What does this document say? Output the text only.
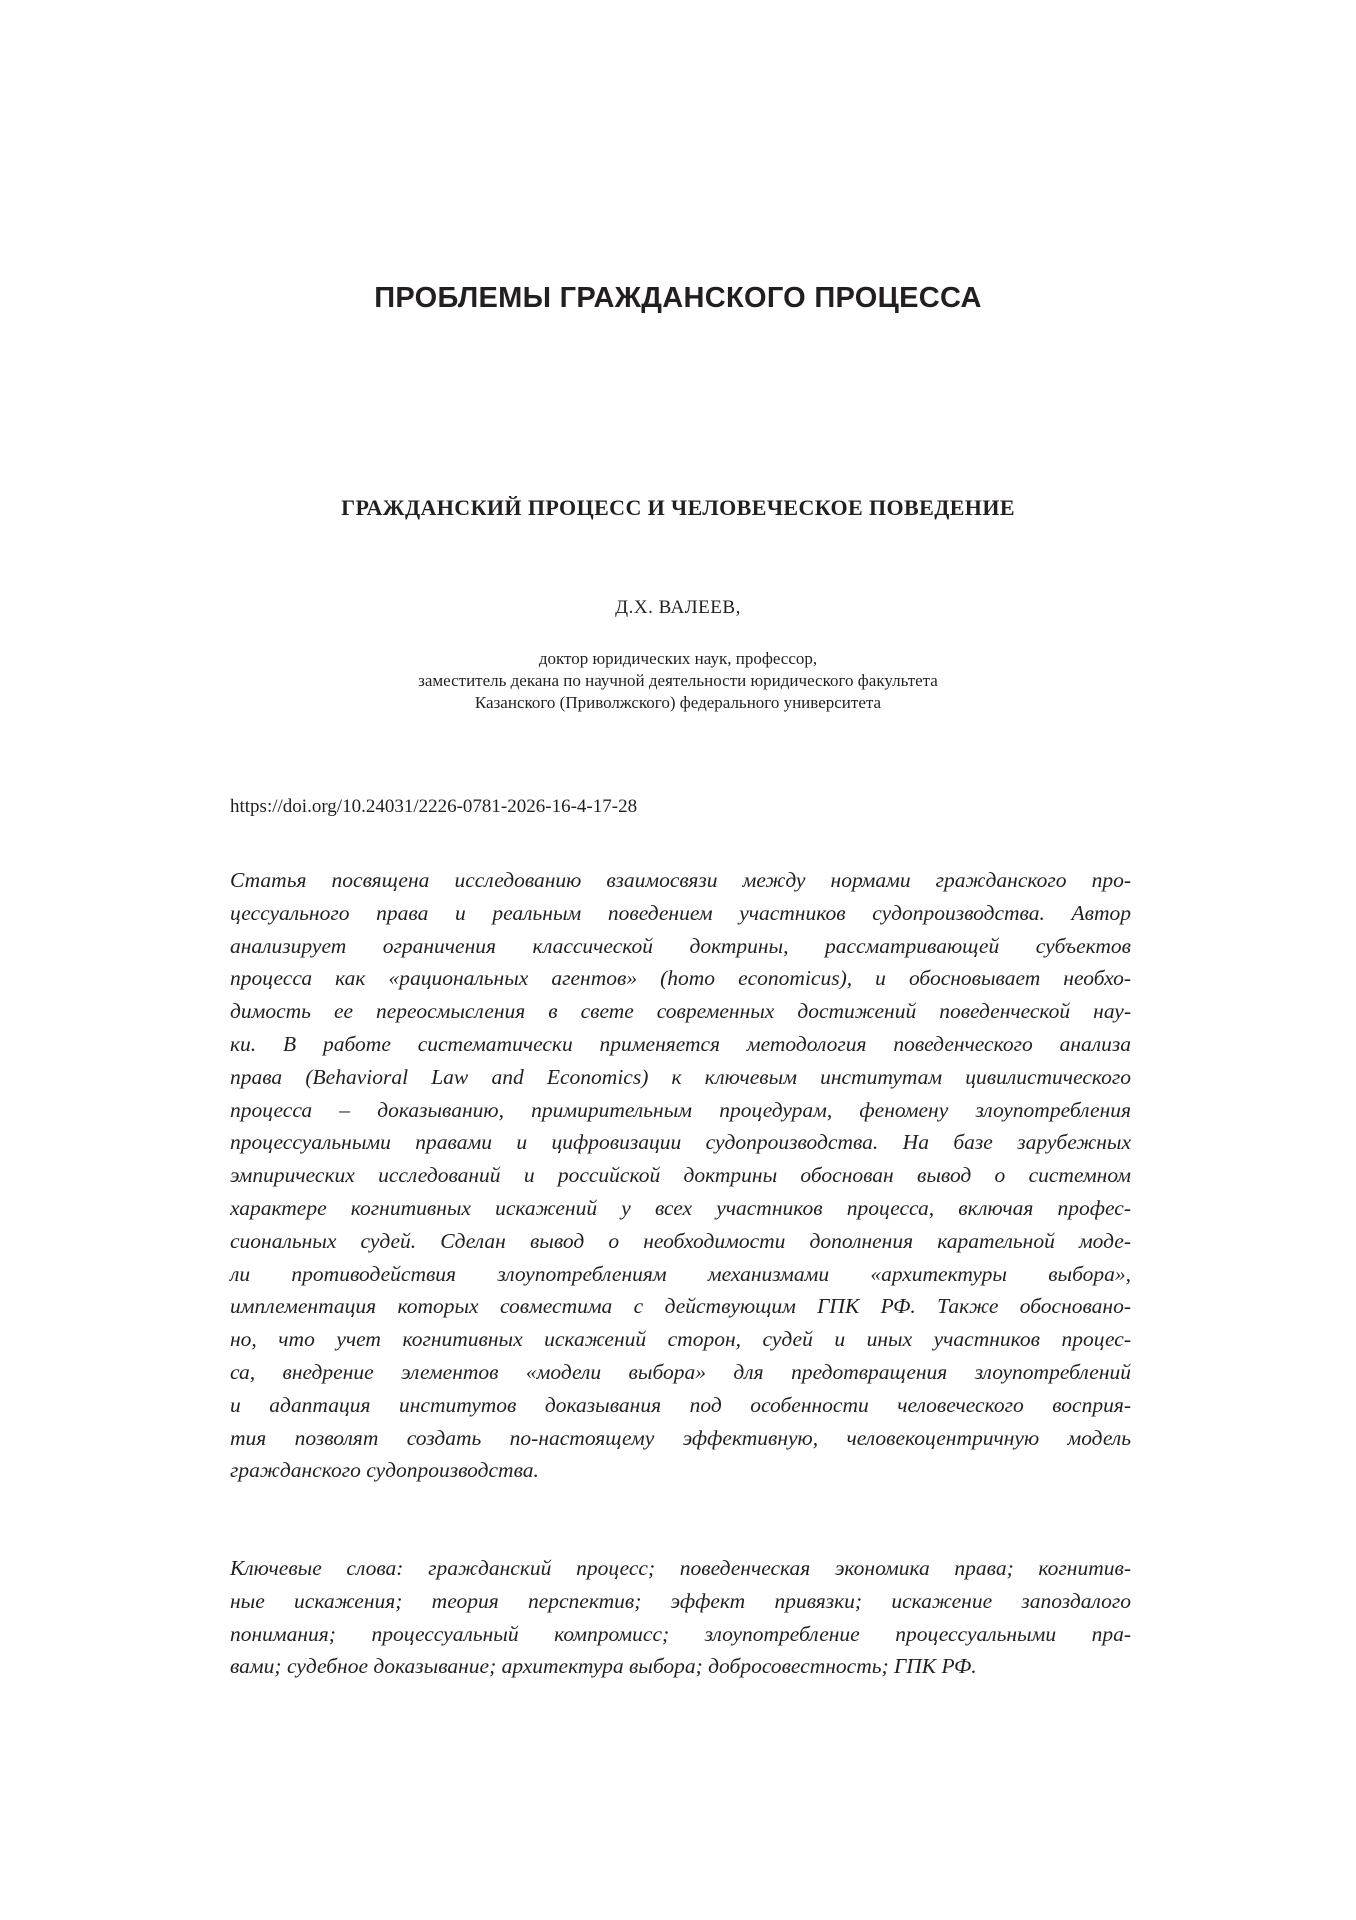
ПРОБЛЕМЫ ГРАЖДАНСКОГО ПРОЦЕССА
ГРАЖДАНСКИЙ ПРОЦЕСС И ЧЕЛОВЕЧЕСКОЕ ПОВЕДЕНИЕ
Д.Х. ВАЛЕЕВ,
доктор юридических наук, профессор,
заместитель декана по научной деятельности юридического факультета
Казанского (Приволжского) федерального университета
https://doi.org/10.24031/2226-0781-2026-16-4-17-28
Статья посвящена исследованию взаимосвязи между нормами гражданского про-
цессуального права и реальным поведением участников судопроизводства. Автор
анализирует ограничения классической доктрины, рассматривающей субъектов
процесса как «рациональных агентов» (homo economicus), и обосновывает необхо-
димость ее переосмысления в свете современных достижений поведенческой нау-
ки. В работе систематически применяется методология поведенческого анализа
права (Behavioral Law and Economics) к ключевым институтам цивилистического
процесса – доказыванию, примирительным процедурам, феномену злоупотребления
процессуальными правами и цифровизации судопроизводства. На базе зарубежных
эмпирических исследований и российской доктрины обоснован вывод о системном
характере когнитивных искажений у всех участников процесса, включая профес-
сиональных судей. Сделан вывод о необходимости дополнения карательной моде-
ли противодействия злоупотреблениям механизмами «архитектуры выбора»,
имплементация которых совместима с действующим ГПК РФ. Также обосновано-
но, что учет когнитивных искажений сторон, судей и иных участников процес-
са, внедрение элементов «модели выбора» для предотвращения злоупотреблений
и адаптация институтов доказывания под особенности человеческого восприя-
тия позволят создать по-настоящему эффективную, человекоцентричную модель
гражданского судопроизводства.
Ключевые слова: гражданский процесс; поведенческая экономика права; когнитив-
ные искажения; теория перспектив; эффект привязки; искажение запоздалого
понимания; процессуальный компромисс; злоупотребление процессуальными пра-
вами; судебное доказывание; архитектура выбора; добросовестность; ГПК РФ.
